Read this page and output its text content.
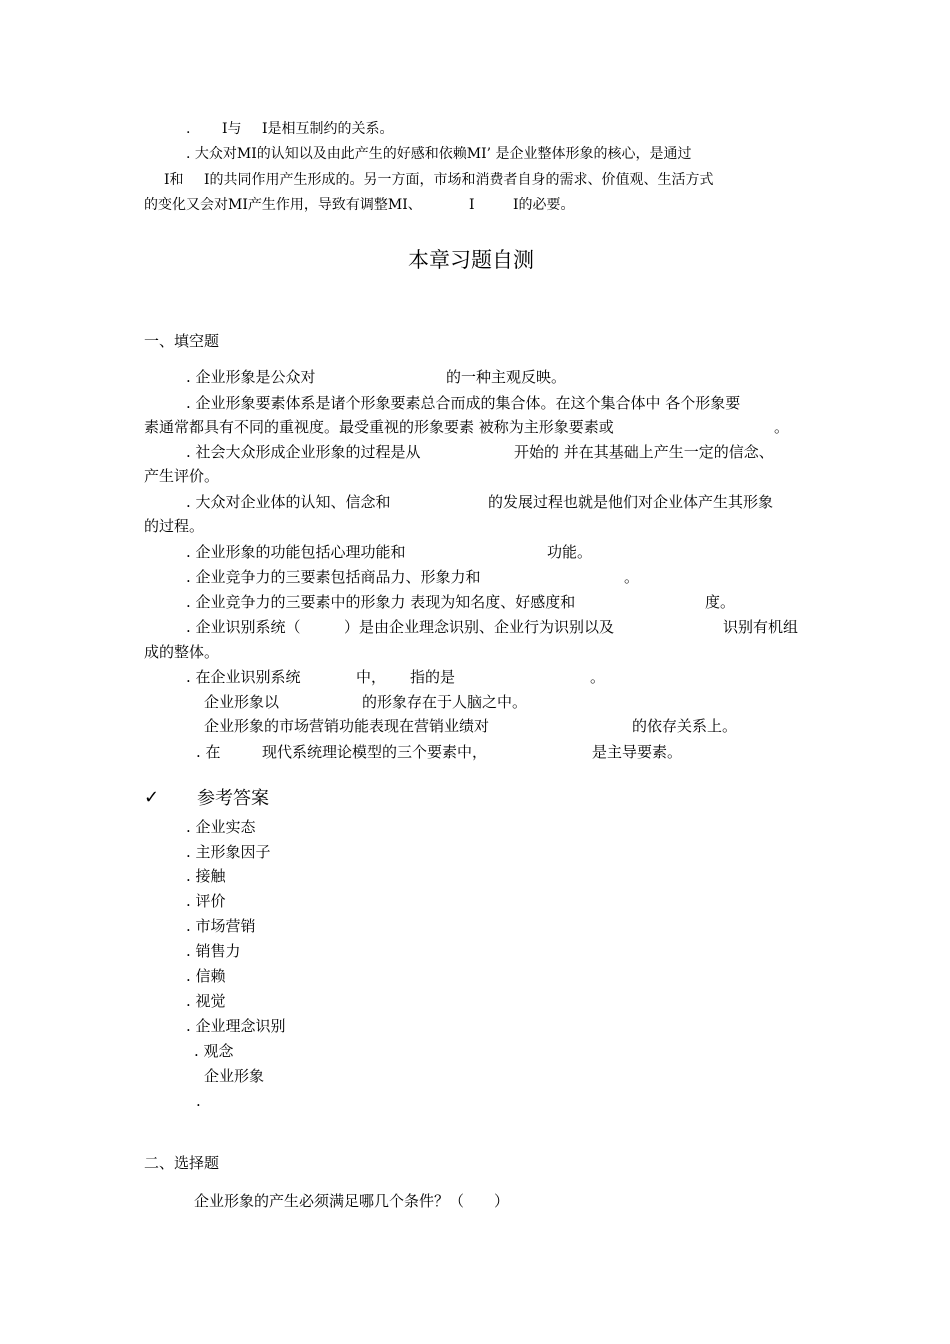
. I与 I是相互制约的关系。
. 大众对MI的认知以及由此产生的好感和依赖MI’ 是企业整体形象的核心，是通过
I和 I的共同作用产生形成的。另一方面，市场和消费者自身的需求、价值观、生活方式
的变化又会对MI产生作用，导致有调整MI、	I	I的必要。
本章习题自测
一、填空题
. 企业形象是公众对	的一种主观反映。
. 企业形象要素体系是诸个形象要素总合而成的集合体。在这个集合体中 各个形象要
素通常都具有不同的重视度。最受重视的形象要素 被称为主形象要素或	。
. 社会大众形成企业形象的过程是从	开始的 并在其基础上产生一定的信念、
产生评价。
. 大众对企业体的认知、信念和	的发展过程也就是他们对企业体产生其形象
的过程。
. 企业形象的功能包括心理功能和	功能。
. 企业竞争力的三要素包括商品力、形象力和	。
. 企业竞争力的三要素中的形象力 表现为知名度、好感度和	度。
. 企业识别系统（	）是由企业理念识别、企业行为识别以及	识别有机组
成的整体。
. 在企业识别系统	中， 指的是	。
企业形象以	的形象存在于人脑之中。
企业形象的市场营销功能表现在营销业绩对	的依存关系上。
. 在	现代系统理论模型的三个要素中，	是主导要素。
✓ 参考答案
. 企业实态
. 主形象因子
. 接触
. 评价
. 市场营销
. 销售力
. 信赖
. 视觉
. 企业理念识别
. 观念
企业形象
.
二、选择题
企业形象的产生必须满足哪几个条件？（　　）
